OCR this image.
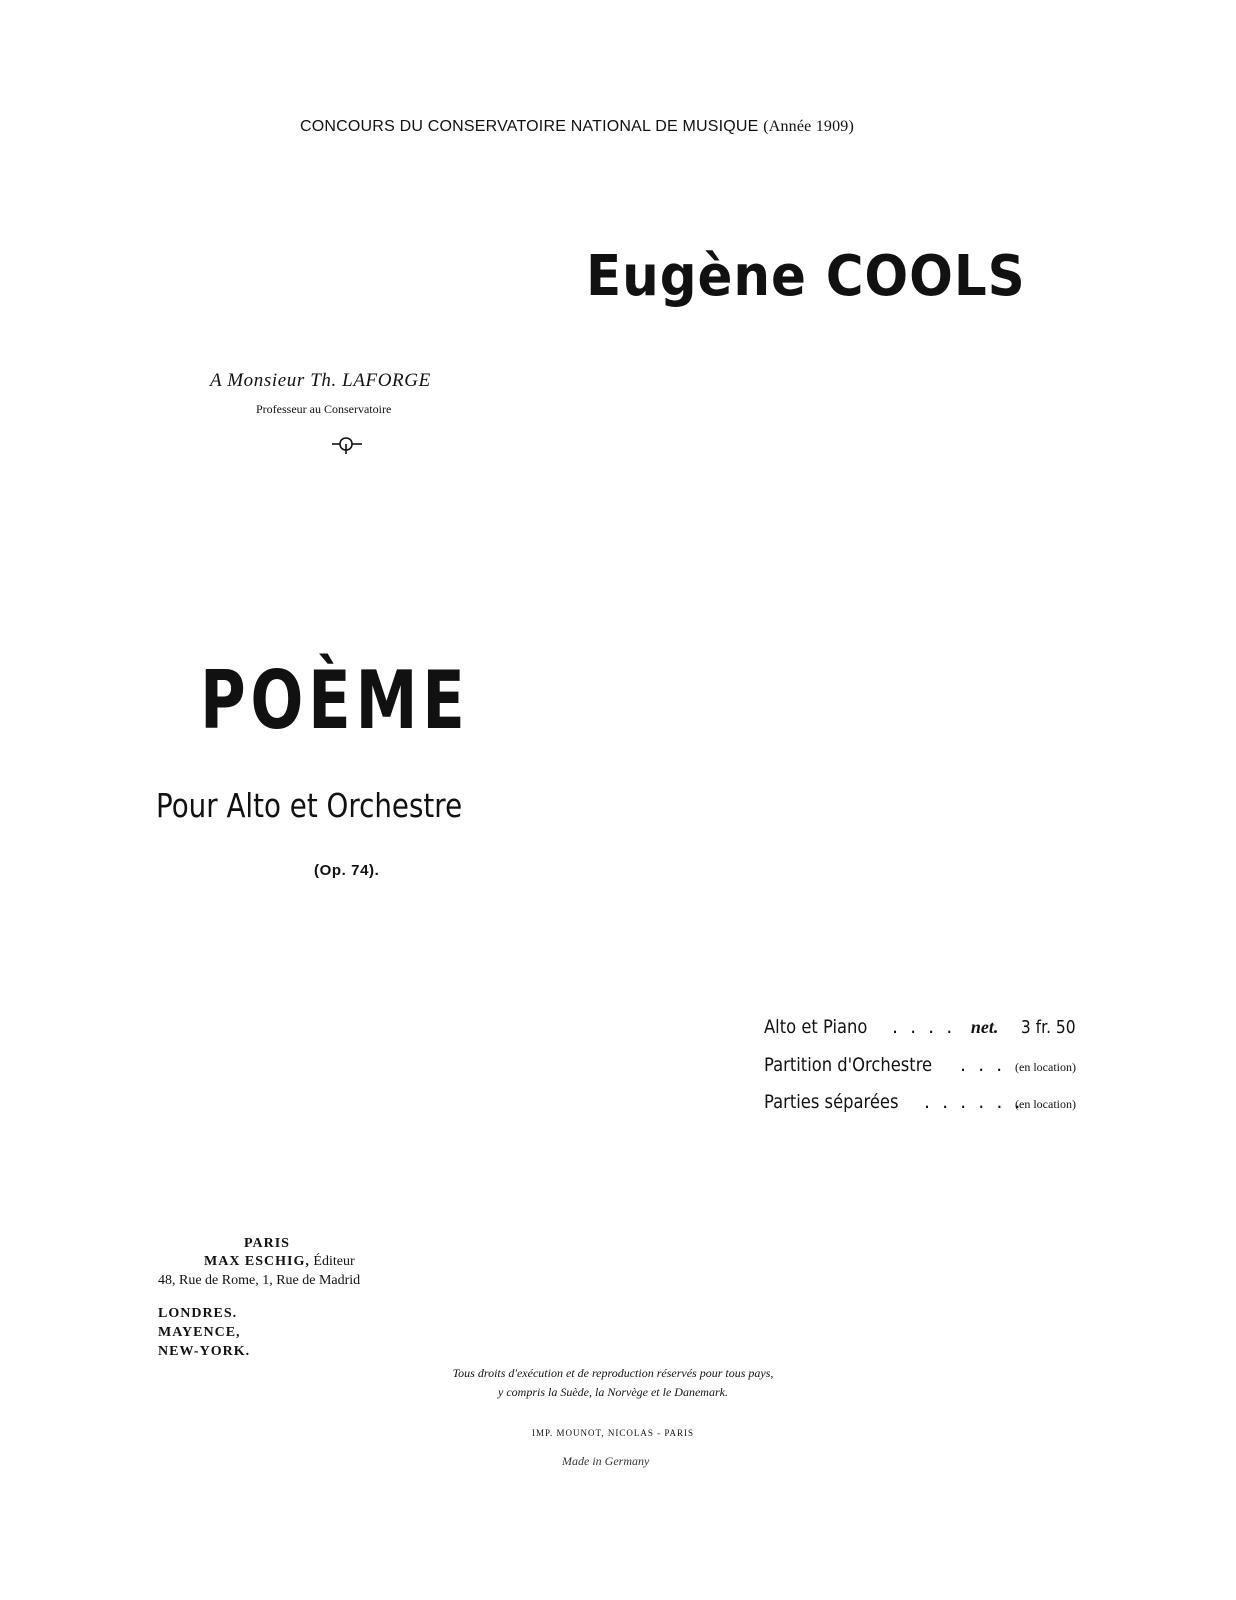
CONCOURS DU CONSERVATOIRE NATIONAL DE MUSIQUE (Année 1909)
Eugène COOLS
A Monsieur Th. LAFORGE
Professeur au Conservatoire
POÈME
Pour Alto et Orchestre
(Op. 74).
Alto et Piano . . . . net. 3 fr. 50
Partition d'Orchestre . . . (en location)
Parties séparées . . . . . .
(en location)
PARIS
MAX ESCHIG, Éditeur
48, Rue de Rome, 1, Rue de Madrid
LONDRES.
MAYENCE,
NEW-YORK.
Tous droits d'exécution et de reproduction réservés pour tous pays,
y compris la Suède, la Norvège et le Danemark.
IMP. MOUNOT, NICOLAS - PARIS
Made in Germany
